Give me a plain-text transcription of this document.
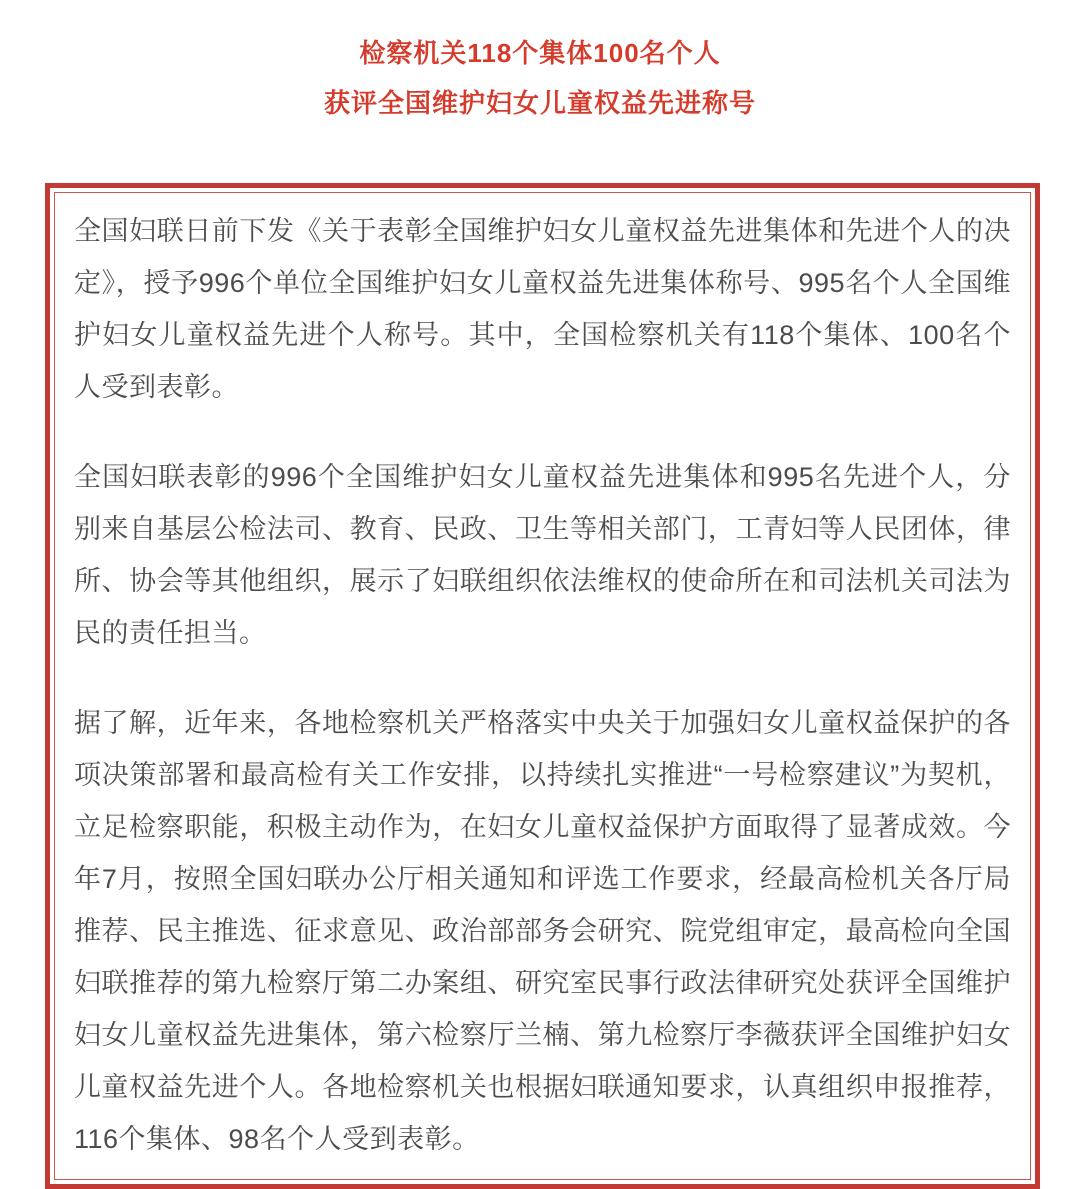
检察机关118个集体100名个人
获评全国维护妇女儿童权益先进称号

全国妇联日前下发《关于表彰全国维护妇女儿童权益先进集体和先进个人的决定》，授予996个单位全国维护妇女儿童权益先进集体称号、995名个人全国维护妇女儿童权益先进个人称号。其中，全国检察机关有118个集体、100名个人受到表彰。

全国妇联表彰的996个全国维护妇女儿童权益先进集体和995名先进个人，分别来自基层公检法司、教育、民政、卫生等相关部门，工青妇等人民团体，律所、协会等其他组织，展示了妇联组织依法维权的使命所在和司法机关司法为民的责任担当。

据了解，近年来，各地检察机关严格落实中央关于加强妇女儿童权益保护的各项决策部署和最高检有关工作安排，以持续扎实推进“一号检察建议”为契机，立足检察职能，积极主动作为，在妇女儿童权益保护方面取得了显著成效。今年7月，按照全国妇联办公厅相关通知和评选工作要求，经最高检机关各厅局推荐、民主推选、征求意见、政治部部务会研究、院党组审定，最高检向全国妇联推荐的第九检察厅第二办案组、研究室民事行政法律研究处获评全国维护妇女儿童权益先进集体，第六检察厅兰楠、第九检察厅李薇获评全国维护妇女儿童权益先进个人。各地检察机关也根据妇联通知要求，认真组织申报推荐，116个集体、98名个人受到表彰。
